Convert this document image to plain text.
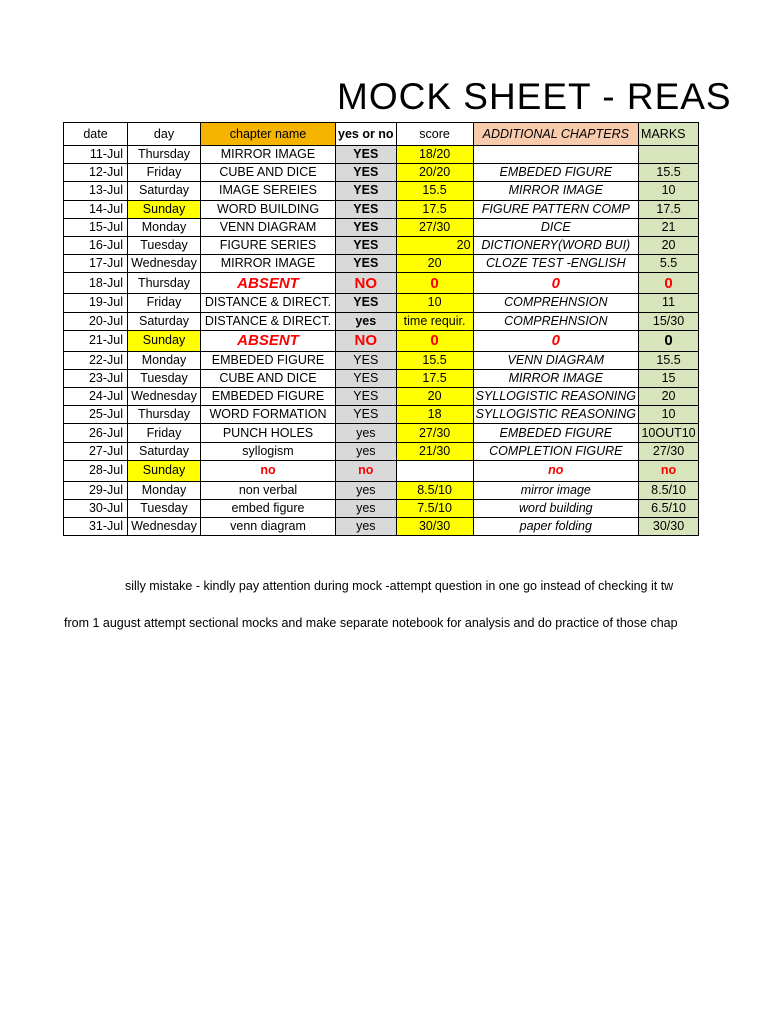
MOCK SHEET - REAS
date	day	chapter name	yes or no	score	ADDITIONAL CHAPTERS	MARKS
11-Jul	Thursday	MIRROR IMAGE	YES	18/20		
12-Jul	Friday	CUBE AND DICE	YES	20/20	EMBEDED FIGURE	15.5
13-Jul	Saturday	IMAGE SEREIES	YES	15.5	MIRROR IMAGE	10
14-Jul	Sunday	WORD BUILDING	YES	17.5	FIGURE PATTERN COMP	17.5
15-Jul	Monday	VENN DIAGRAM	YES	27/30	DICE	21
16-Jul	Tuesday	FIGURE SERIES	YES	20	DICTIONERY(WORD BUI)	20
17-Jul	Wednesday	MIRROR IMAGE	YES	20	CLOZE TEST -ENGLISH	5.5
18-Jul	Thursday	ABSENT	NO	0	0	0
19-Jul	Friday	DISTANCE & DIRECT.	YES	10	COMPREHNSION	11
20-Jul	Saturday	DISTANCE & DIRECT.	yes	time requir.	COMPREHNSION	15/30
21-Jul	Sunday	ABSENT	NO	0	0	0
22-Jul	Monday	EMBEDED FIGURE	YES	15.5	VENN DIAGRAM	15.5
23-Jul	Tuesday	CUBE AND DICE	YES	17.5	MIRROR IMAGE	15
24-Jul	Wednesday	EMBEDED FIGURE	YES	20	SYLLOGISTIC REASONING	20
25-Jul	Thursday	WORD FORMATION	YES	18	SYLLOGISTIC REASONING	10
26-Jul	Friday	PUNCH HOLES	yes	27/30	EMBEDED FIGURE	10OUT10
27-Jul	Saturday	syllogism	yes	21/30	COMPLETION FIGURE	27/30
28-Jul	Sunday	no	no		no	no
29-Jul	Monday	non verbal	yes	8.5/10	mirror image	8.5/10
30-Jul	Tuesday	embed figure	yes	7.5/10	word building	6.5/10
31-Jul	Wednesday	venn diagram	yes	30/30	paper folding	30/30
silly mistake - kindly pay attention during mock -attempt question in one go instead of checking it tw
from 1 august attempt sectional mocks and make separate notebook for analysis and do practice of those chap
